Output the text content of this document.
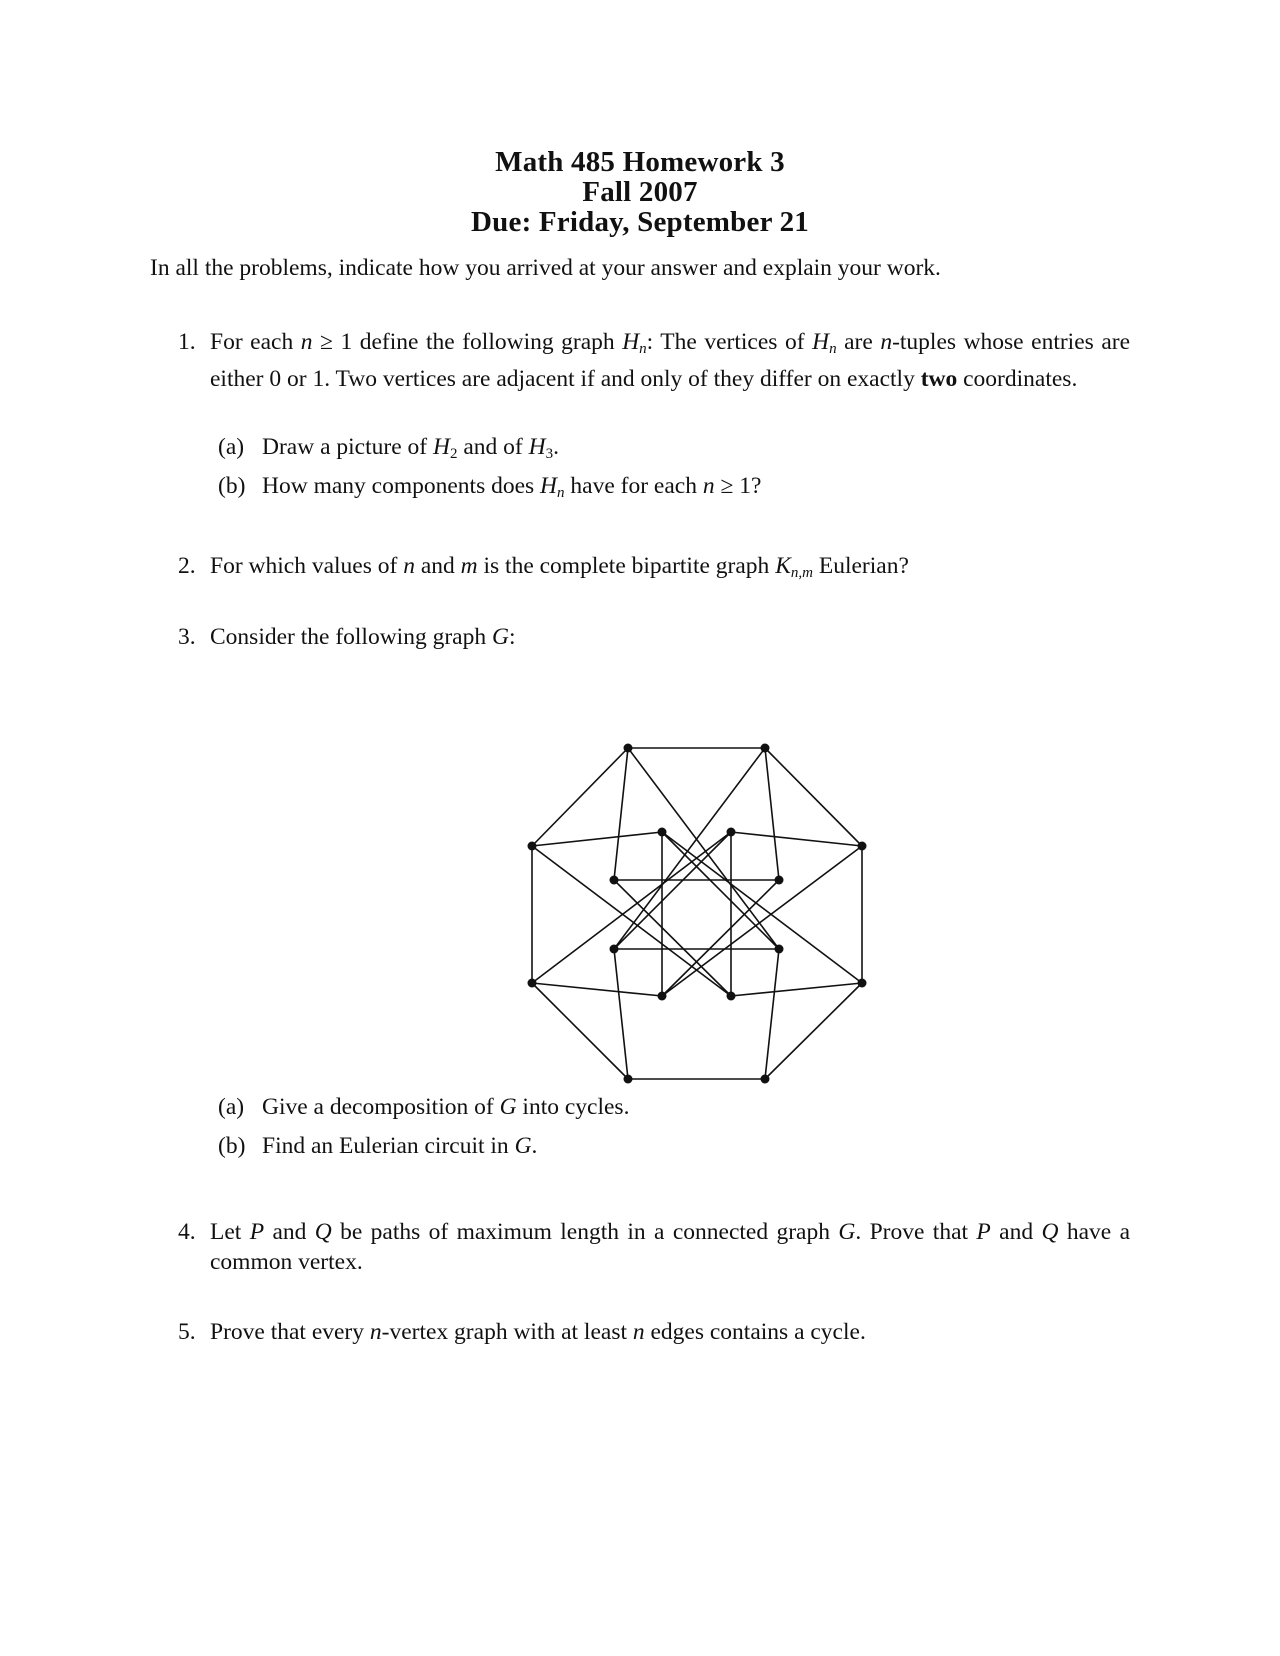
Math 485 Homework 3
Fall 2007
Due: Friday, September 21
In all the problems, indicate how you arrived at your answer and explain your work.
1. For each n ≥ 1 define the following graph $H_n$: The vertices of $H_n$ are n-tuples whose entries are either 0 or 1. Two vertices are adjacent if and only of they differ on exactly two coordinates.
(a) Draw a picture of $H_2$ and of $H_3$.
(b) How many components does $H_n$ have for each n ≥ 1?
2. For which values of n and m is the complete bipartite graph $K_{n,m}$ Eulerian?
3. Consider the following graph G:
(a) Give a decomposition of G into cycles.
(b) Find an Eulerian circuit in G.
4. Let P and Q be paths of maximum length in a connected graph G. Prove that P and Q have a common vertex.
5. Prove that every n-vertex graph with at least n edges contains a cycle.
